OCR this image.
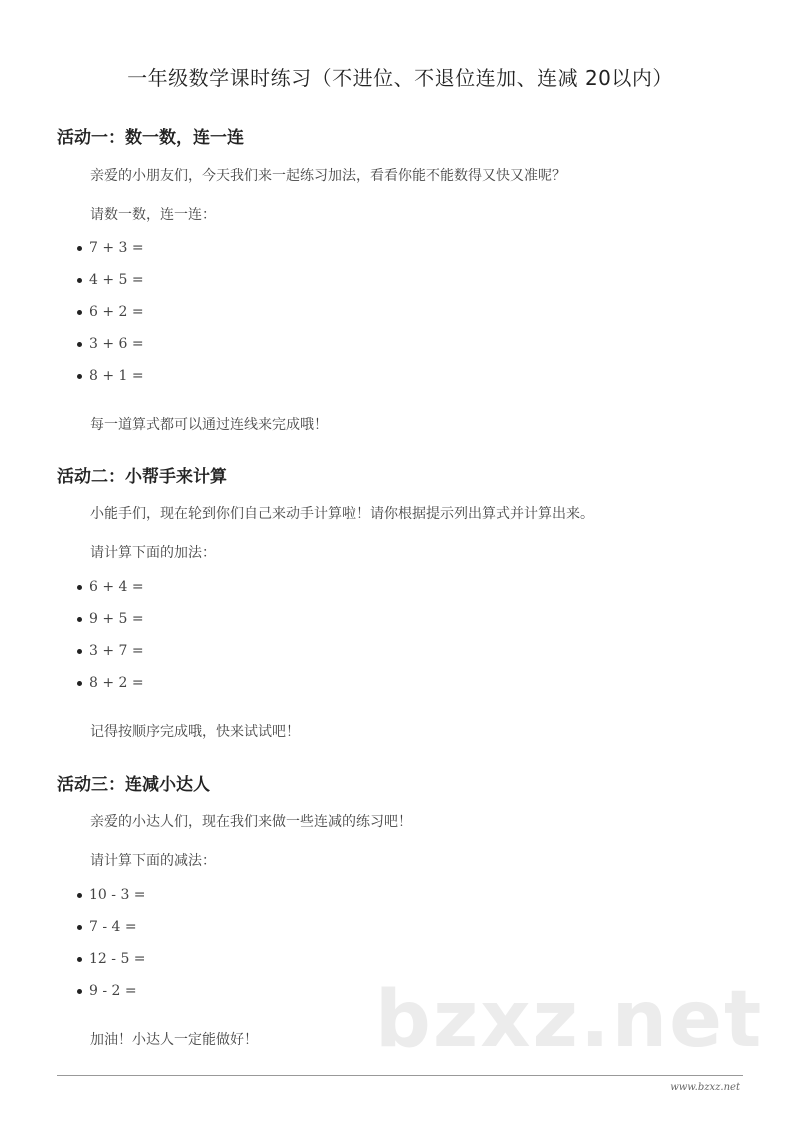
一年级数学课时练习（不进位、不退位连加、连减 20以内）
活动一：数一数，连一连
亲爱的小朋友们，今天我们来一起练习加法，看看你能不能数得又快又准呢？
请数一数，连一连：
7 + 3 =
4 + 5 =
6 + 2 =
3 + 6 =
8 + 1 =
每一道算式都可以通过连线来完成哦！
活动二：小帮手来计算
小能手们，现在轮到你们自己来动手计算啦！请你根据提示列出算式并计算出来。
请计算下面的加法：
6 + 4 =
9 + 5 =
3 + 7 =
8 + 2 =
记得按顺序完成哦，快来试试吧！
活动三：连减小达人
亲爱的小达人们，现在我们来做一些连减的练习吧！
请计算下面的减法：
10 - 3 =
7 - 4 =
12 - 5 =
9 - 2 =
加油！小达人一定能做好！ bzxz.net
www.bzxz.net
